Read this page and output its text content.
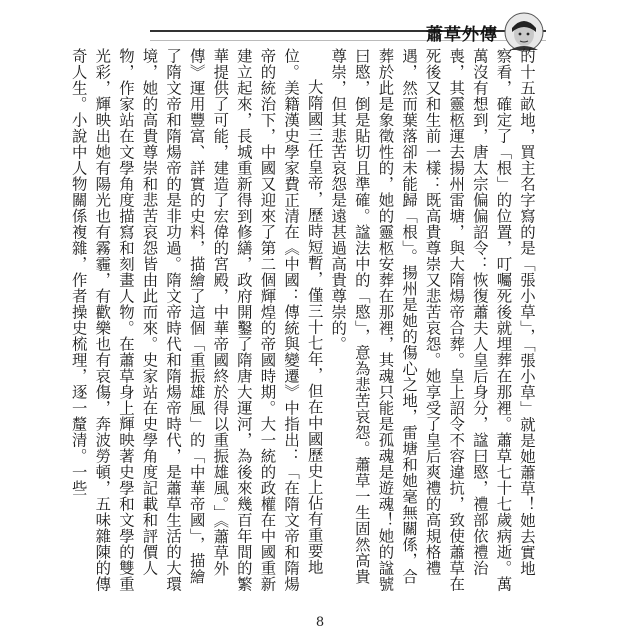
蕭草外傳

的十五畝地，買主名字寫的是「張小草」，「張小草」就是她蕭草！她去實地察看，確定了「根」的位置，叮囑死後就埋葬在那裡。蕭草七十七歲病逝。萬萬沒有想到，唐太宗偏偏詔令：恢復蕭夫人皇后身分，諡曰愍，禮部依禮治喪，其靈柩運去揚州雷塘，與大隋煬帝合葬。皇上詔令不容違抗，致使蕭草在死後又和生前一樣：既高貴尊崇又悲苦哀怨。她享受了皇后爽禮的高規格禮遇，然而葉落卻未能歸「根」。揚州是她的傷心之地，雷塘和她毫無關係，合葬於此是象徵性的，她的靈柩安葬在那裡，其魂只能是孤魂是遊魂！她的諡號曰愍，倒是貼切且準確。諡法中的「愍」，意為悲苦哀怨。蕭草一生固然高貴尊崇，但其悲苦哀怨是遠甚過高貴尊崇的。

大隋國三任皇帝，歷時短暫，僅三十七年，但在中國歷史上佔有重要地位。美籍漢史學家費正清在《中國：傳統與變遷》中指出：「在隋文帝和隋煬帝的統治下，中國又迎來了第二個輝煌的帝國時期。大一統的政權在中國重新建立起來，長城重新得到修繕，政府開鑿了隋唐大運河，為後來幾百年間的繁華提供了可能，建造了宏偉的宮殿，中華帝國終於得以重振雄風。」《蕭草外傳》運用豐富、詳實的史料，描繪了這個「重振雄風」的「中華帝國」，描繪了隋文帝和隋煬帝的是非功過。隋文帝時代和隋煬帝時代，是蕭草生活的大環境，她的高貴尊崇和悲苦哀怨皆由此而來。史家站在史學角度記載和評價人物，作家站在文學角度描寫和刻畫人物。在蕭草身上輝映著史學和文學的雙重光彩，輝映出她有陽光也有霧霾，有歡樂也有哀傷，奔波勞頓，五味雜陳的傳奇人生。小說中人物關係複雜，作者操史梳理，逐一釐清。一些

8
